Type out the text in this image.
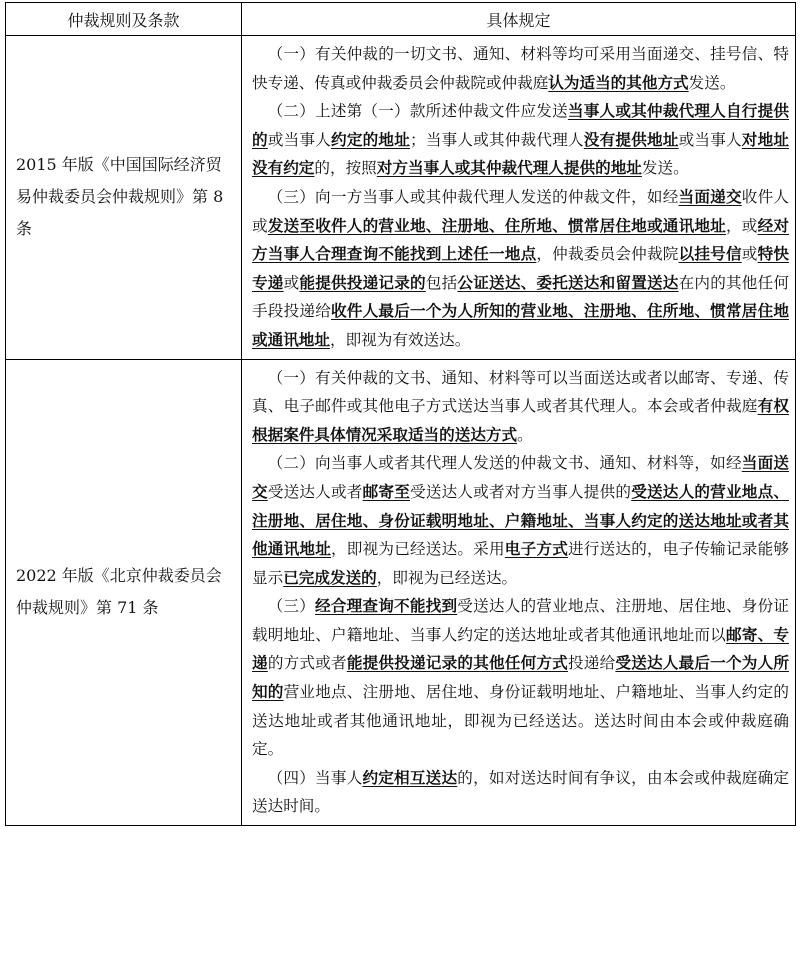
仲裁规则及条款	具体规定
2015 年版《中国国际经济贸易仲裁委员会仲裁规则》第 8 条	（一）有关仲裁的一切文书、通知、材料等均可采用当面递交、挂号信、特快专递、传真或仲裁委员会仲裁院或仲裁庭认为适当的其他方式发送。

（二）上述第（一）款所述仲裁文件应发送当事人或其仲裁代理人自行提供的或当事人约定的地址；当事人或其仲裁代理人没有提供地址或当事人对地址没有约定的，按照对方当事人或其仲裁代理人提供的地址发送。

（三）向一方当事人或其仲裁代理人发送的仲裁文件，如经当面递交收件人或发送至收件人的营业地、注册地、住所地、惯常居住地或通讯地址，或经对方当事人合理查询不能找到上述任一地点，仲裁委员会仲裁院以挂号信或特快专递或能提供投递记录的包括公证送达、委托送达和留置送达在内的其他任何手段投递给收件人最后一个为人所知的营业地、注册地、住所地、惯常居住地或通讯地址，即视为有效送达。

2022 年版《北京仲裁委员会仲裁规则》第 71 条	（一）有关仲裁的文书、通知、材料等可以当面送达或者以邮寄、专递、传真、电子邮件或其他电子方式送达当事人或者其代理人。本会或者仲裁庭有权根据案件具体情况采取适当的送达方式。

（二）向当事人或者其代理人发送的仲裁文书、通知、材料等，如经当面送交受送达人或者邮寄至受送达人或者对方当事人提供的受送达人的营业地点、注册地、居住地、身份证载明地址、户籍地址、当事人约定的送达地址或者其他通讯地址，即视为已经送达。采用电子方式进行送达的，电子传输记录能够显示已完成发送的，即视为已经送达。

（三）经合理查询不能找到受送达人的营业地点、注册地、居住地、身份证载明地址、户籍地址、当事人约定的送达地址或者其他通讯地址而以邮寄、专递的方式或者能提供投递记录的其他任何方式投递给受送达人最后一个为人所知的营业地点、注册地、居住地、身份证载明地址、户籍地址、当事人约定的送达地址或者其他通讯地址，即视为已经送达。送达时间由本会或仲裁庭确定。

（四）当事人约定相互送达的，如对送达时间有争议，由本会或仲裁庭确定送达时间。
